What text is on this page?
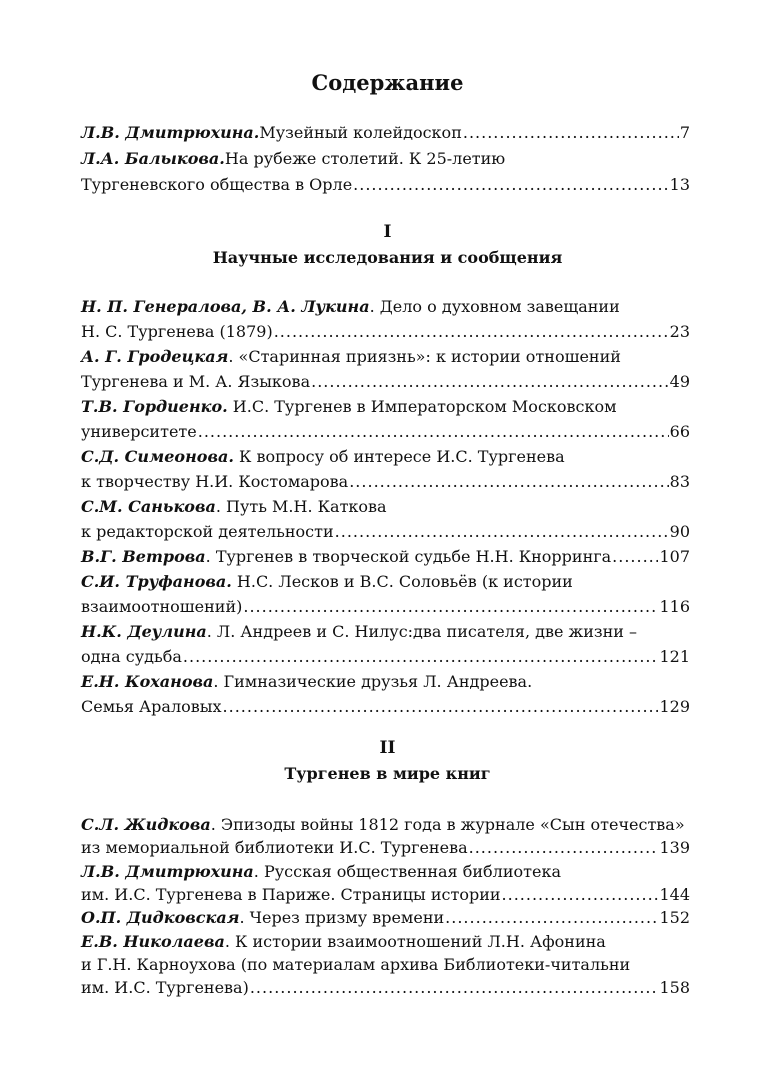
Содержание
Л.В. Дмитрюхина. Музейный колейдоскоп .....	7
Л.А. Балыкова.На рубеже столетий. К 25-летию
Тургеневского общества в Орле .....	13
I
Научные исследования и сообщения
Н. П. Генералова, В. А. Лукина. Дело о духовном завещании
Н. С. Тургенева (1879) .....	23
А. Г. Гродецкая. «Старинная приязнь»: к истории отношений
Тургенева и М. А. Языкова .....	49
Т.В. Гордиенко. И.С. Тургенев в Императорском Московском
университете .....	66
С.Д. Симеонова. К вопросу об интересе И.С. Тургенева
к творчеству Н.И. Костомарова .....	83
С.М. Санькова. Путь М.Н. Каткова
к редакторской деятельности .....	90
В.Г. Ветрова . Тургенев в творческой судьбе Н.Н. Кнорринга .....	107
С.И. Труфанова. Н.С. Лесков и В.С. Соловьёв (к истории
взаимоотношений) .....	116
Н.К. Деулина. Л. Андреев и С. Нилус:два писателя, две жизни –
одна судьба .....	121
Е.Н. Коханова. Гимназические друзья Л. Андреева.
Семья Араловых .....	129
II
Тургенев в мире книг
С.Л. Жидкова. Эпизоды войны 1812 года в журнале «Сын отечества»
из мемориальной библиотеки И.С. Тургенева .....	139
Л.В. Дмитрюхина. Русская общественная библиотека
им. И.С. Тургенева в Париже. Страницы истории .....	144
О.П. Дидковская . Через призму времени .....	152
Е.В. Николаева. К истории взаимоотношений Л.Н. Афонина
и Г.Н. Карноухова (по материалам архива Библиотеки-читальни
им. И.С. Тургенева) .....	158
